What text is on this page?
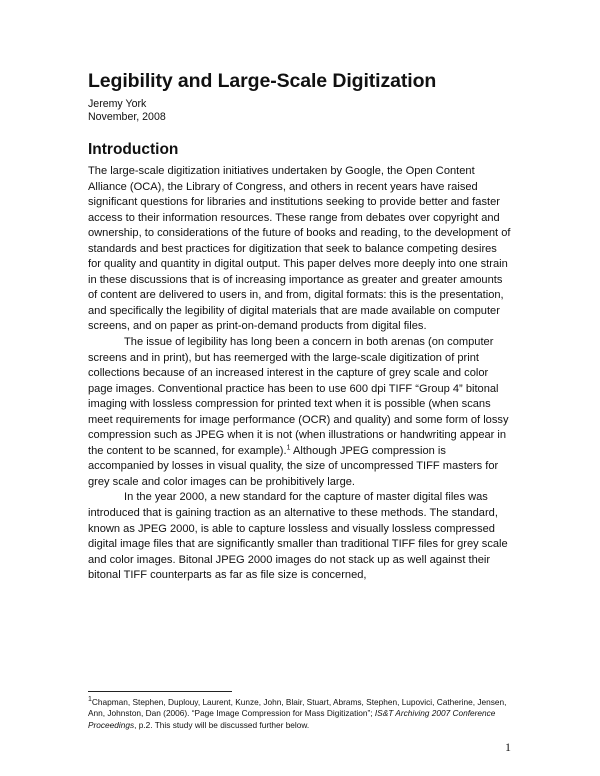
Legibility and Large-Scale Digitization
Jeremy York
November, 2008
Introduction

The large-scale digitization initiatives undertaken by Google, the Open Content Alliance (OCA), the Library of Congress, and others in recent years have raised significant questions for libraries and institutions seeking to provide better and faster access to their information resources. These range from debates over copyright and ownership, to considerations of the future of books and reading, to the development of standards and best practices for digitization that seek to balance competing desires for quality and quantity in digital output. This paper delves more deeply into one strain in these discussions that is of increasing importance as greater and greater amounts of content are delivered to users in, and from, digital formats: this is the presentation, and specifically the legibility of digital materials that are made available on computer screens, and on paper as print-on-demand products from digital files.

The issue of legibility has long been a concern in both arenas (on computer screens and in print), but has reemerged with the large-scale digitization of print collections because of an increased interest in the capture of grey scale and color page images. Conventional practice has been to use 600 dpi TIFF “Group 4” bitonal imaging with lossless compression for printed text when it is possible (when scans meet requirements for image performance (OCR) and quality) and some form of lossy compression such as JPEG when it is not (when illustrations or handwriting appear in the content to be scanned, for example).$^1$ Although JPEG compression is accompanied by losses in visual quality, the size of uncompressed TIFF masters for grey scale and color images can be prohibitively large.

In the year 2000, a new standard for the capture of master digital files was introduced that is gaining traction as an alternative to these methods. The standard, known as JPEG 2000, is able to capture lossless and visually lossless compressed digital image files that are significantly smaller than traditional TIFF files for grey scale and color images. Bitonal JPEG 2000 images do not stack up as well against their bitonal TIFF counterparts as far as file size is concerned,

$^1$Chapman, Stephen, Duplouy, Laurent, Kunze, John, Blair, Stuart, Abrams, Stephen, Lupovici, Catherine, Jensen, Ann, Johnston, Dan (2006). “Page Image Compression for Mass Digitization”; IS&T Archiving 2007 Conference Proceedings, p.2. This study will be discussed further below.
1
